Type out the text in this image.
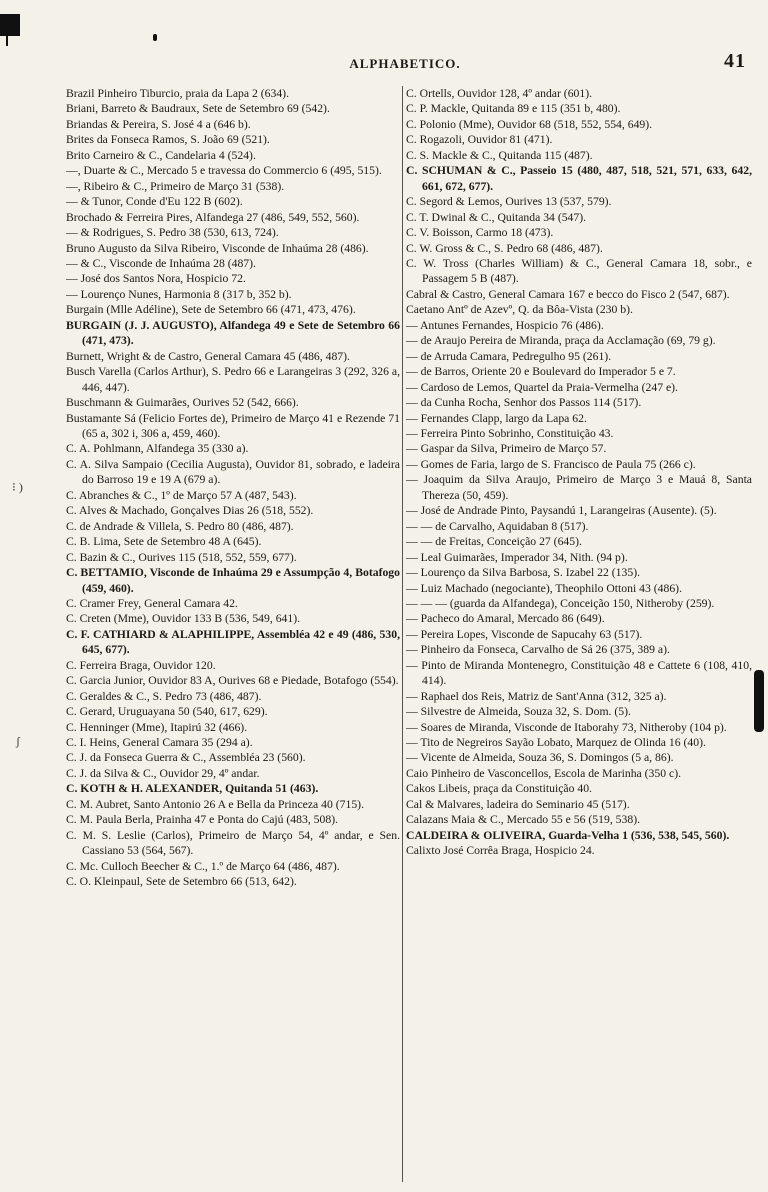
ALPHABETICO.	41
⁝ )
ʃ
Brazil Pinheiro Tiburcio, praia da Lapa 2 (634).
Briani, Barreto & Baudraux, Sete de Setembro 69 (542).
Briandas & Pereira, S. José 4 a (646 b).
Brites da Fonseca Ramos, S. João 69 (521).
Brito Carneiro & C., Candelaria 4 (524).
—, Duarte & C., Mercado 5 e travessa do Commercio 6 (495, 515).
—, Ribeiro & C., Primeiro de Março 31 (538).
— & Tunor, Conde d'Eu 122 B (602).
Brochado & Ferreira Pires, Alfandega 27 (486, 549, 552, 560).
— & Rodrigues, S. Pedro 38 (530, 613, 724).
Bruno Augusto da Silva Ribeiro, Visconde de Inhaúma 28 (486).
— & C., Visconde de Inhaúma 28 (487).
— José dos Santos Nora, Hospicio 72.
— Lourenço Nunes, Harmonia 8 (317 b, 352 b).
Burgain (Mlle Adéline), Sete de Setembro 66 (471, 473, 476).
BURGAIN (J. J. AUGUSTO), Alfandega 49 e Sete de Setembro 66 (471, 473).
Burnett, Wright & de Castro, General Camara 45 (486, 487).
Busch Varella (Carlos Arthur), S. Pedro 66 e Larangeiras 3 (292, 326 a, 446, 447).
Buschmann & Guimarães, Ourives 52 (542, 666).
Bustamante Sá (Felicio Fortes de), Primeiro de Março 41 e Rezende 71 (65 a, 302 i, 306 a, 459, 460).
C. A. Pohlmann, Alfandega 35 (330 a).
C. A. Silva Sampaio (Cecilia Augusta), Ouvidor 81, sobrado, e ladeira do Barroso 19 e 19 A (679 a).
C. Abranches & C., 1º de Março 57 A (487, 543).
C. Alves & Machado, Gonçalves Dias 26 (518, 552).
C. de Andrade & Villela, S. Pedro 80 (486, 487).
C. B. Lima, Sete de Setembro 48 A (645).
C. Bazin & C., Ourives 115 (518, 552, 559, 677).
C. BETTAMIO, Visconde de Inhaúma 29 e Assumpção 4, Botafogo (459, 460).
C. Cramer Frey, General Camara 42.
C. Creten (Mme), Ouvidor 133 B (536, 549, 641).
C. F. CATHIARD & ALAPHILIPPE, Assembléa 42 e 49 (486, 530, 645, 677).
C. Ferreira Braga, Ouvidor 120.
C. Garcia Junior, Ouvidor 83 A, Ourives 68 e Piedade, Botafogo (554).
C. Geraldes & C., S. Pedro 73 (486, 487).
C. Gerard, Uruguayana 50 (540, 617, 629).
C. Henninger (Mme), Itapirú 32 (466).
C. I. Heins, General Camara 35 (294 a).
C. J. da Fonseca Guerra & C., Assembléa 23 (560).
C. J. da Silva & C., Ouvidor 29, 4º andar.
C. KOTH & H. ALEXANDER, Quitanda 51 (463).
C. M. Aubret, Santo Antonio 26 A e Bella da Princeza 40 (715).
C. M. Paula Berla, Prainha 47 e Ponta do Cajú (483, 508).
C. M. S. Leslie (Carlos), Primeiro de Março 54, 4º andar, e Sen. Cassiano 53 (564, 567).
C. Mc. Culloch Beecher & C., 1.º de Março 64 (486, 487).
C. O. Kleinpaul, Sete de Setembro 66 (513, 642).
C. Ortells, Ouvidor 128, 4º andar (601).
C. P. Mackle, Quitanda 89 e 115 (351 b, 480).
C. Polonio (Mme), Ouvidor 68 (518, 552, 554, 649).
C. Rogazoli, Ouvidor 81 (471).
C. S. Mackle & C., Quitanda 115 (487).
C. SCHUMAN & C., Passeio 15 (480, 487, 518, 521, 571, 633, 642, 661, 672, 677).
C. Segord & Lemos, Ourives 13 (537, 579).
C. T. Dwinal & C., Quitanda 34 (547).
C. V. Boisson, Carmo 18 (473).
C. W. Gross & C., S. Pedro 68 (486, 487).
C. W. Tross (Charles William) & C., General Camara 18, sobr., e Passagem 5 B (487).
Cabral & Castro, General Camara 167 e becco do Fisco 2 (547, 687).
Caetano Antº de Azevº, Q. da Bôa-Vista (230 b).
— Antunes Fernandes, Hospicio 76 (486).
— de Araujo Pereira de Miranda, praça da Acclamação (69, 79 g).
— de Arruda Camara, Pedregulho 95 (261).
— de Barros, Oriente 20 e Boulevard do Imperador 5 e 7.
— Cardoso de Lemos, Quartel da Praia-Vermelha (247 e).
— da Cunha Rocha, Senhor dos Passos 114 (517).
— Fernandes Clapp, largo da Lapa 62.
— Ferreira Pinto Sobrinho, Constituição 43.
— Gaspar da Silva, Primeiro de Março 57.
— Gomes de Faria, largo de S. Francisco de Paula 75 (266 c).
— Joaquim da Silva Araujo, Primeiro de Março 3 e Mauá 8, Santa Thereza (50, 459).
— José de Andrade Pinto, Paysandú 1, Larangeiras (Ausente). (5).
— — de Carvalho, Aquidaban 8 (517).
— — de Freitas, Conceição 27 (645).
— Leal Guimarães, Imperador 34, Nith. (94 p).
— Lourenço da Silva Barbosa, S. Izabel 22 (135).
— Luiz Machado (negociante), Theophilo Ottoni 43 (486).
— — — (guarda da Alfandega), Conceição 150, Nitheroby (259).
— Pacheco do Amaral, Mercado 86 (649).
— Pereira Lopes, Visconde de Sapucahy 63 (517).
— Pinheiro da Fonseca, Carvalho de Sá 26 (375, 389 a).
— Pinto de Miranda Montenegro, Constituição 48 e Cattete 6 (108, 410, 414).
— Raphael dos Reis, Matriz de Sant'Anna (312, 325 a).
— Silvestre de Almeida, Souza 32, S. Dom. (5).
— Soares de Miranda, Visconde de Itaborahy 73, Nitheroby (104 p).
— Tito de Negreiros Sayão Lobato, Marquez de Olinda 16 (40).
— Vicente de Almeida, Souza 36, S. Domingos (5 a, 86).
Caio Pinheiro de Vasconcellos, Escola de Marinha (350 c).
Cakos Libeis, praça da Constituição 40.
Cal & Malvares, ladeira do Seminario 45 (517).
Calazans Maia & C., Mercado 55 e 56 (519, 538).
CALDEIRA & OLIVEIRA, Guarda-Velha 1 (536, 538, 545, 560).
Calixto José Corrêa Braga, Hospicio 24.
